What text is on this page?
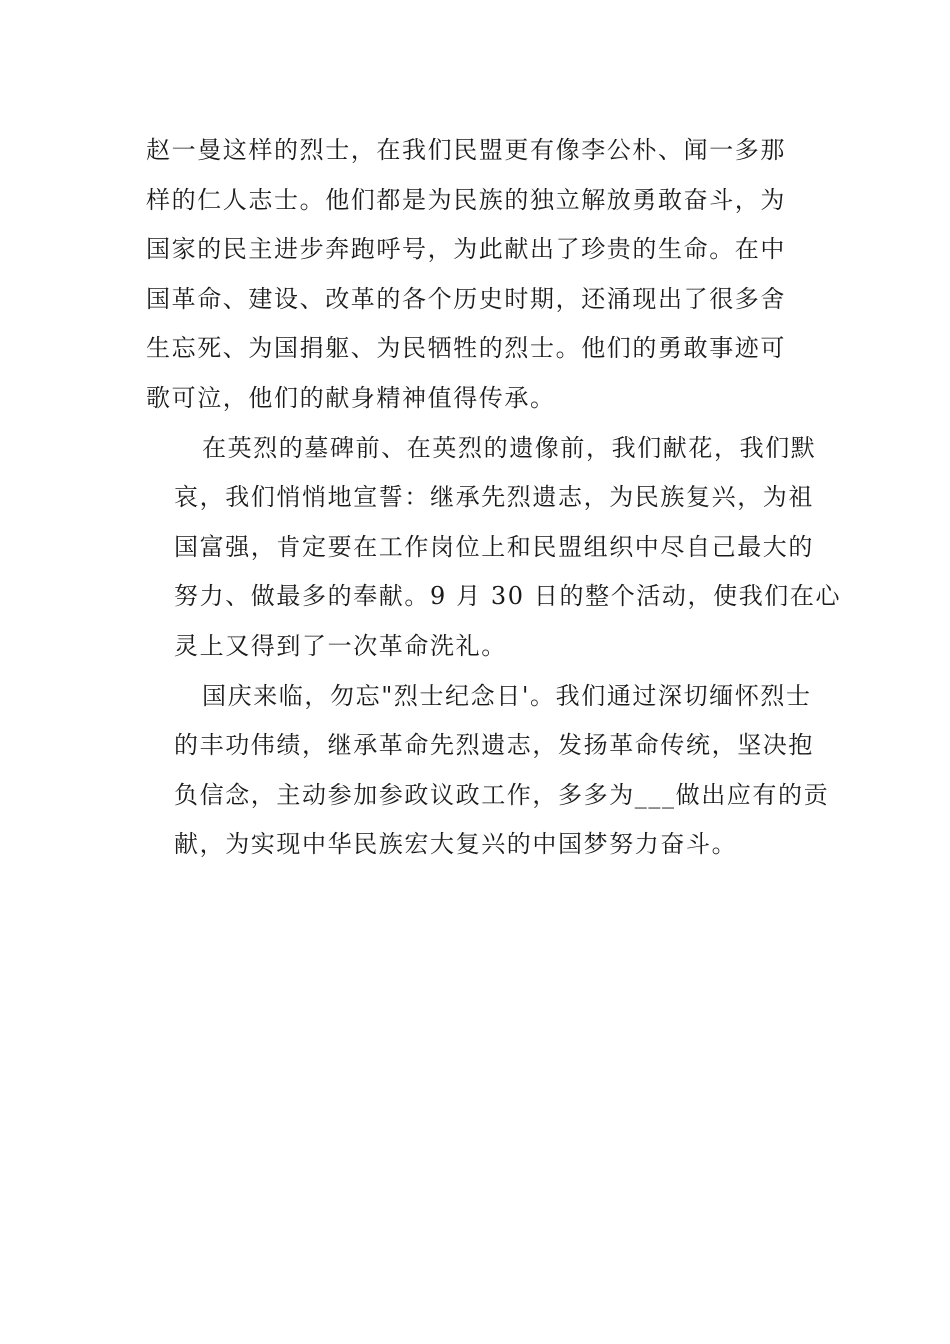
赵一曼这样的烈士，在我们民盟更有像李公朴、闻一多那
样的仁人志士。他们都是为民族的独立解放勇敢奋斗，为
国家的民主进步奔跑呼号，为此献出了珍贵的生命。在中
国革命、建设、改革的各个历史时期，还涌现出了很多舍
生忘死、为国捐躯、为民牺牲的烈士。他们的勇敢事迹可
歌可泣，他们的献身精神值得传承。

在英烈的墓碑前、在英烈的遗像前，我们献花，我们默
哀，我们悄悄地宣誓：继承先烈遗志，为民族复兴，为祖
国富强，肯定要在工作岗位上和民盟组织中尽自己最大的
努力、做最多的奉献。9 月 30 日的整个活动，使我们在心
灵上又得到了一次革命洗礼。

国庆来临，勿忘"烈士纪念日'。我们通过深切缅怀烈士
的丰功伟绩，继承革命先烈遗志，发扬革命传统，坚决抱
负信念，主动参加参政议政工作，多多为___做出应有的贡
献，为实现中华民族宏大复兴的中国梦努力奋斗。
